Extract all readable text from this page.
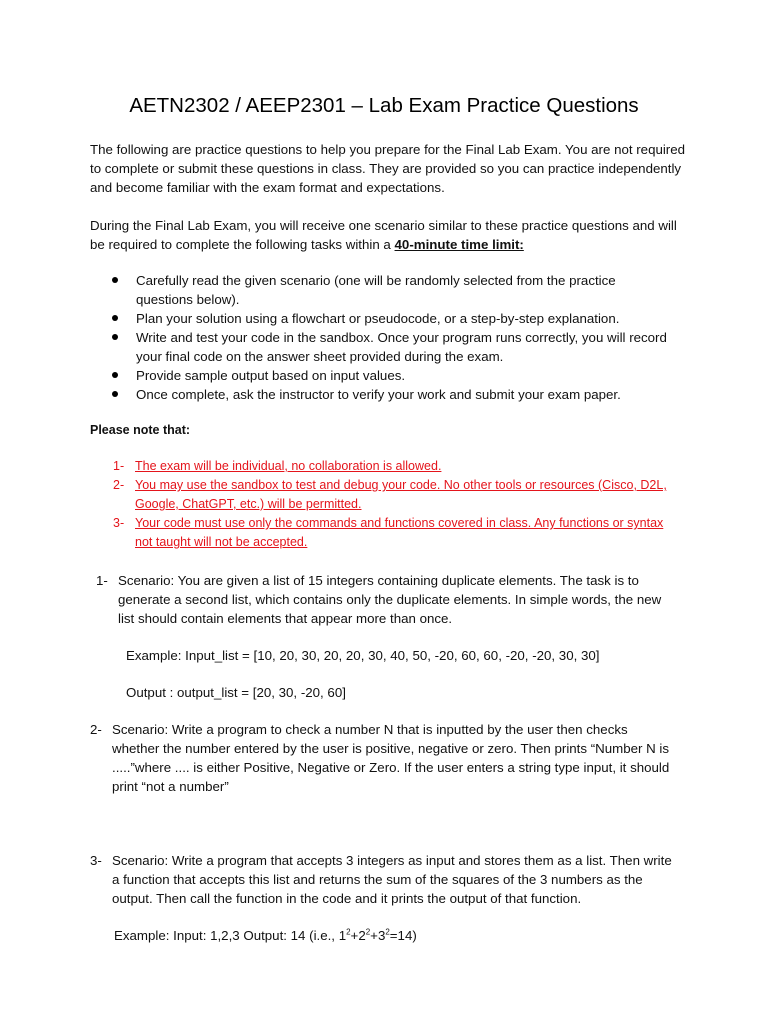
AETN2302 / AEEP2301 – Lab Exam Practice Questions

The following are practice questions to help you prepare for the Final Lab Exam. You are not required to complete or submit these questions in class. They are provided so you can practice independently and become familiar with the exam format and expectations.

During the Final Lab Exam, you will receive one scenario similar to these practice questions and will be required to complete the following tasks within a 40-minute time limit:

Carefully read the given scenario (one will be randomly selected from the practice questions below).
Plan your solution using a flowchart or pseudocode, or a step-by-step explanation.
Write and test your code in the sandbox. Once your program runs correctly, you will record your final code on the answer sheet provided during the exam.
Provide sample output based on input values.
Once complete, ask the instructor to verify your work and submit your exam paper.
Please note that:
1- The exam will be individual, no collaboration is allowed.
2- You may use the sandbox to test and debug your code. No other tools or resources (Cisco, D2L, Google, ChatGPT, etc.) will be permitted.
3- Your code must use only the commands and functions covered in class. Any functions or syntax not taught will not be accepted.
1- Scenario: You are given a list of 15 integers containing duplicate elements. The task is to generate a second list, which contains only the duplicate elements. In simple words, the new list should contain elements that appear more than once.
Example: Input_list = [10, 20, 30, 20, 20, 30, 40, 50, -20, 60, 60, -20, -20, 30, 30]
Output : output_list = [20, 30, -20, 60]
2- Scenario: Write a program to check a number N that is inputted by the user then checks whether the number entered by the user is positive, negative or zero. Then prints “Number N is .....”where .... is either Positive, Negative or Zero. If the user enters a string type input, it should print “not a number”
3- Scenario: Write a program that accepts 3 integers as input and stores them as a list. Then write a function that accepts this list and returns the sum of the squares of the 3 numbers as the output. Then call the function in the code and it prints the output of that function.
Example: Input: 1,2,3 Output: 14 (i.e., $1^2+2^2+3^2=14$)
